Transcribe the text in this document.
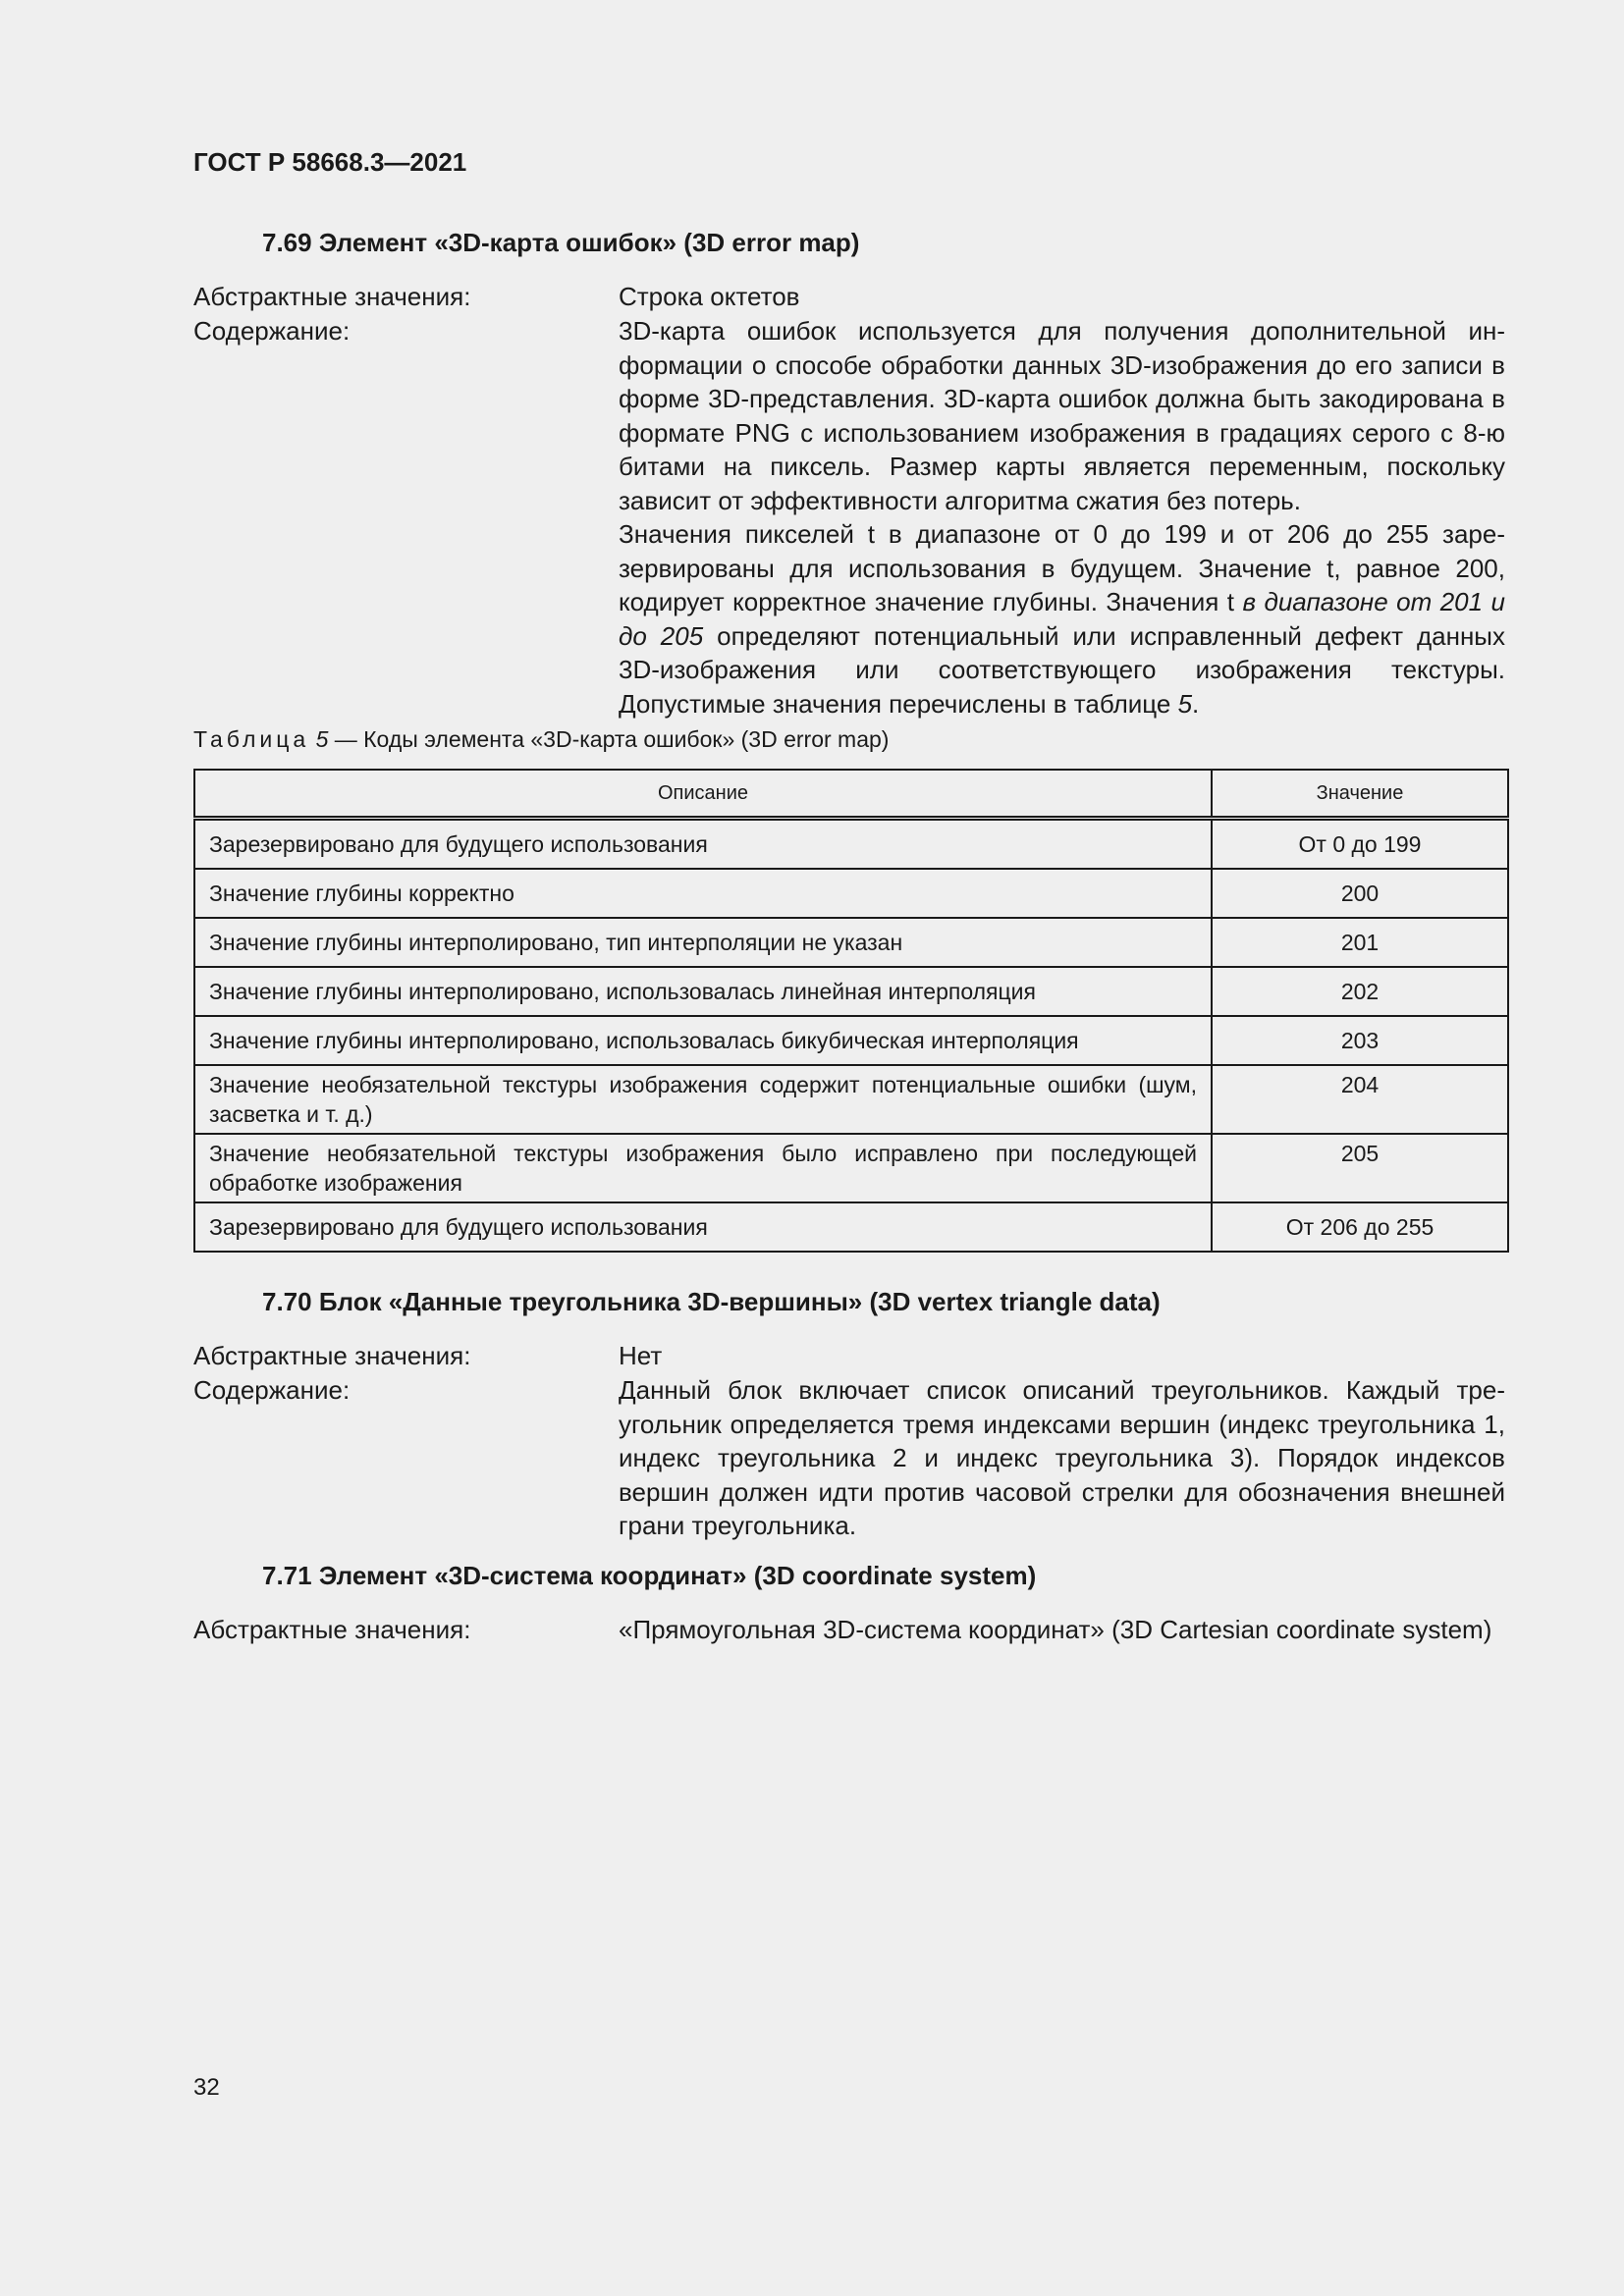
ГОСТ Р 58668.3—2021
7.69 Элемент «3D-карта ошибок» (3D error map)
Абстрактные значения:	Строка октетов
Содержание:	3D-карта ошибок используется для получения дополнительной информации о способе обработки данных 3D-изображения до его записи в форме 3D-представления. 3D-карта ошибок должна быть закодирована в формате PNG с использованием изображения в градациях серого с 8-ю битами на пиксель. Размер карты является переменным, поскольку зависит от эффективности алгоритма сжатия без потерь.

Значения пикселей t в диапазоне от 0 до 199 и от 206 до 255 зарезервированы для использования в будущем. Значение t, равное 200, кодирует корректное значение глубины. Значения t в диапазоне от 201 и до 205 определяют потенциальный или исправленный дефект данных 3D-изображения или соответствующего изображения текстуры. Допустимые значения перечислены в таблице 5.

Таблица 5 — Коды элемента «3D-карта ошибок» (3D error map)
Описание	Значение
Зарезервировано для будущего использования	От 0 до 199
Значение глубины корректно	200
Значение глубины интерполировано, тип интерполяции не указан	201
Значение глубины интерполировано, использовалась линейная интерполяция	202
Значение глубины интерполировано, использовалась бикубическая интерполяция	203
Значение необязательной текстуры изображения содержит потенциальные ошибки (шум, засветка и т. д.)	204
Значение необязательной текстуры изображения было исправлено при последующей обработке изображения	205
Зарезервировано для будущего использования	От 206 до 255
7.70 Блок «Данные треугольника 3D-вершины» (3D vertex triangle data)
Абстрактные значения:	Нет
Содержание:	Данный блок включает список описаний треугольников. Каждый треугольник определяется тремя индексами вершин (индекс треугольника 1, индекс треугольника 2 и индекс треугольника 3). Порядок индексов вершин должен идти против часовой стрелки для обозначения внешней грани треугольника.
7.71 Элемент «3D-система координат» (3D coordinate system)
Абстрактные значения:	«Прямоугольная 3D-система координат» (3D Cartesian coordinate system)
32
